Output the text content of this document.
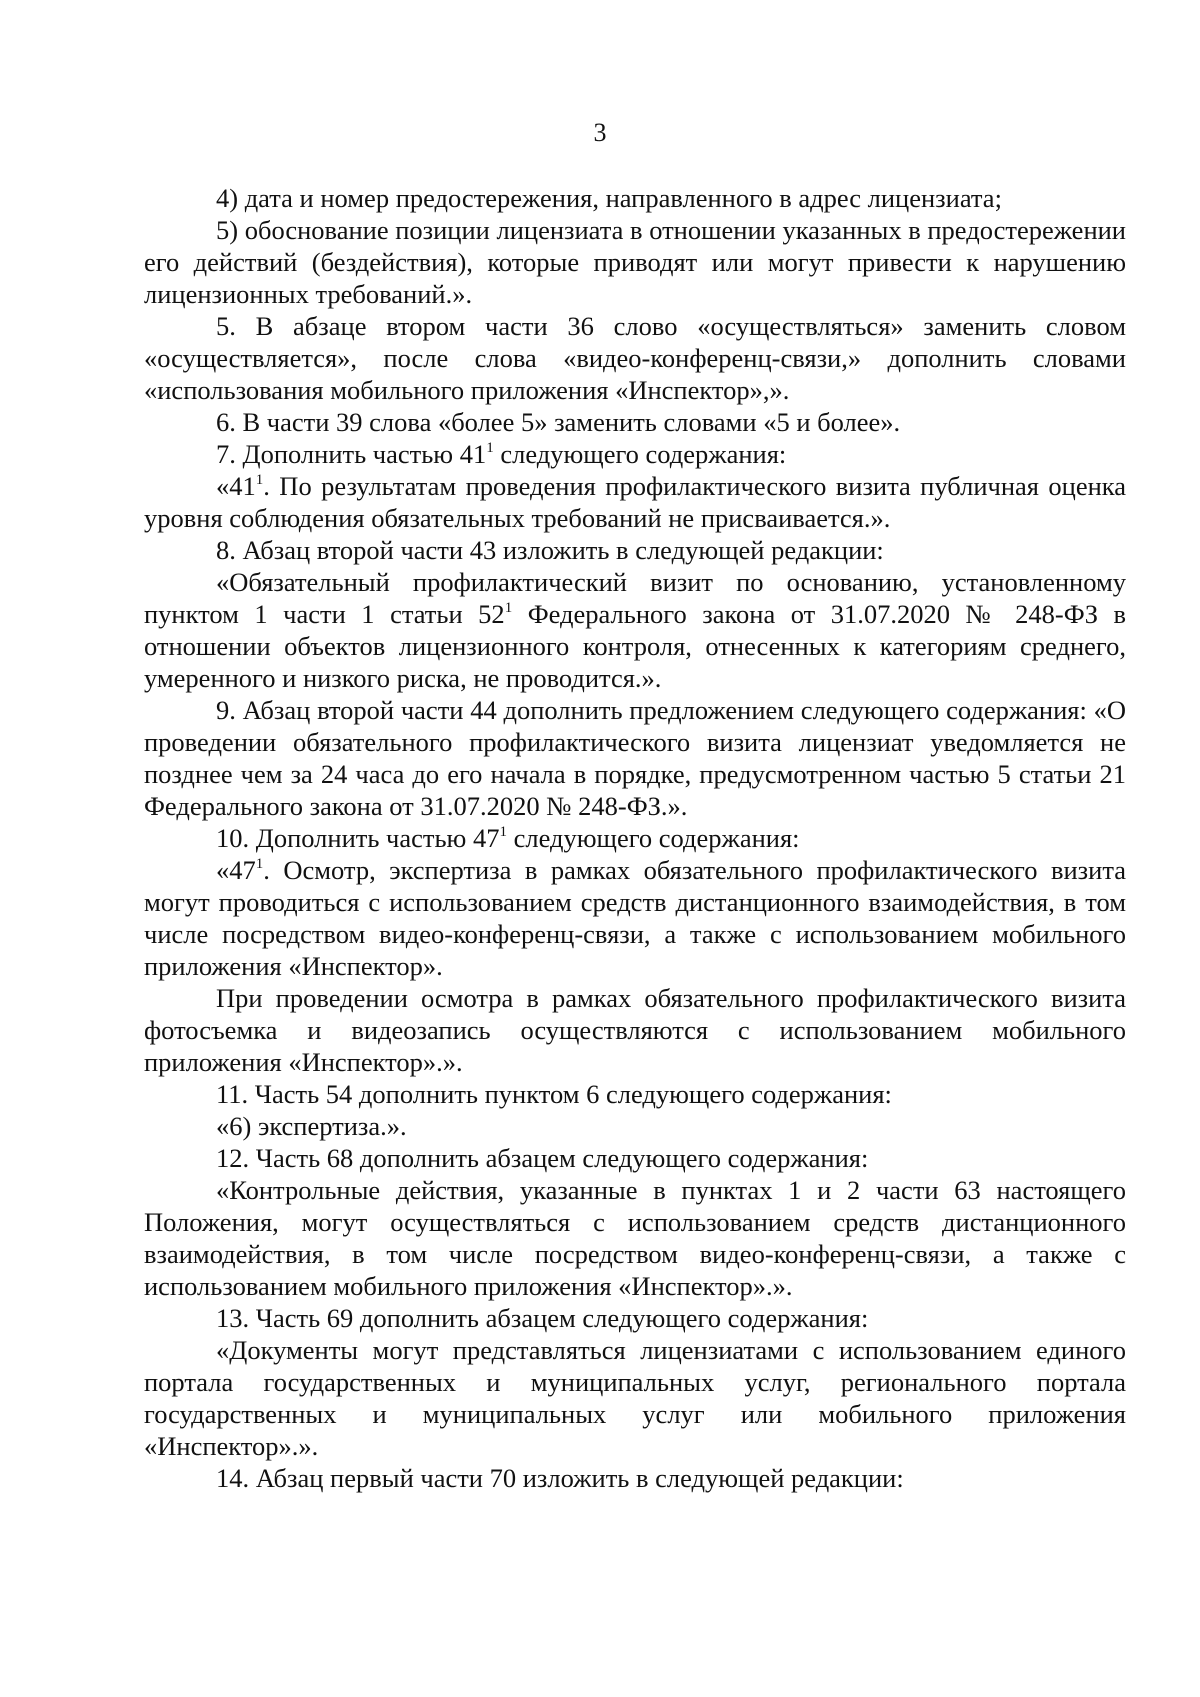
3

4) дата и номер предостережения, направленного в адрес лицензиата;

5) обоснование позиции лицензиата в отношении указанных в предостережении его действий (бездействия), которые приводят или могут привести к нарушению лицензионных требований.».

5. В абзаце втором части 36 слово «осуществляться» заменить словом «осуществляется», после слова «видео-конференц-связи,» дополнить словами «использования мобильного приложения «Инспектор»,».

6. В части 39 слова «более 5» заменить словами «5 и более».

7. Дополнить частью $41^1$ следующего содержания:

«$41^1$. По результатам проведения профилактического визита публичная оценка уровня соблюдения обязательных требований не присваивается.».

8. Абзац второй части 43 изложить в следующей редакции:

«Обязательный профилактический визит по основанию, установленному пунктом 1 части 1 статьи $52^1$ Федерального закона от 31.07.2020 № 248-ФЗ в отношении объектов лицензионного контроля, отнесенных к категориям среднего, умеренного и низкого риска, не проводится.».

9. Абзац второй части 44 дополнить предложением следующего содержания: «О проведении обязательного профилактического визита лицензиат уведомляется не позднее чем за 24 часа до его начала в порядке, предусмотренном частью 5 статьи 21 Федерального закона от 31.07.2020 № 248-ФЗ.».

10. Дополнить частью $47^1$ следующего содержания:

«$47^1$. Осмотр, экспертиза в рамках обязательного профилактического визита могут проводиться с использованием средств дистанционного взаимодействия, в том числе посредством видео-конференц-связи, а также с использованием мобильного приложения «Инспектор».

При проведении осмотра в рамках обязательного профилактического визита фотосъемка и видеозапись осуществляются с использованием мобильного приложения «Инспектор».».

11. Часть 54 дополнить пунктом 6 следующего содержания:

«6) экспертиза.».

12. Часть 68 дополнить абзацем следующего содержания:

«Контрольные действия, указанные в пунктах 1 и 2 части 63 настоящего Положения, могут осуществляться с использованием средств дистанционного взаимодействия, в том числе посредством видео-конференц-связи, а также с использованием мобильного приложения «Инспектор».».

13. Часть 69 дополнить абзацем следующего содержания:

«Документы могут представляться лицензиатами с использованием единого портала государственных и муниципальных услуг, регионального портала государственных и муниципальных услуг или мобильного приложения «Инспектор».».

14. Абзац первый части 70 изложить в следующей редакции:
